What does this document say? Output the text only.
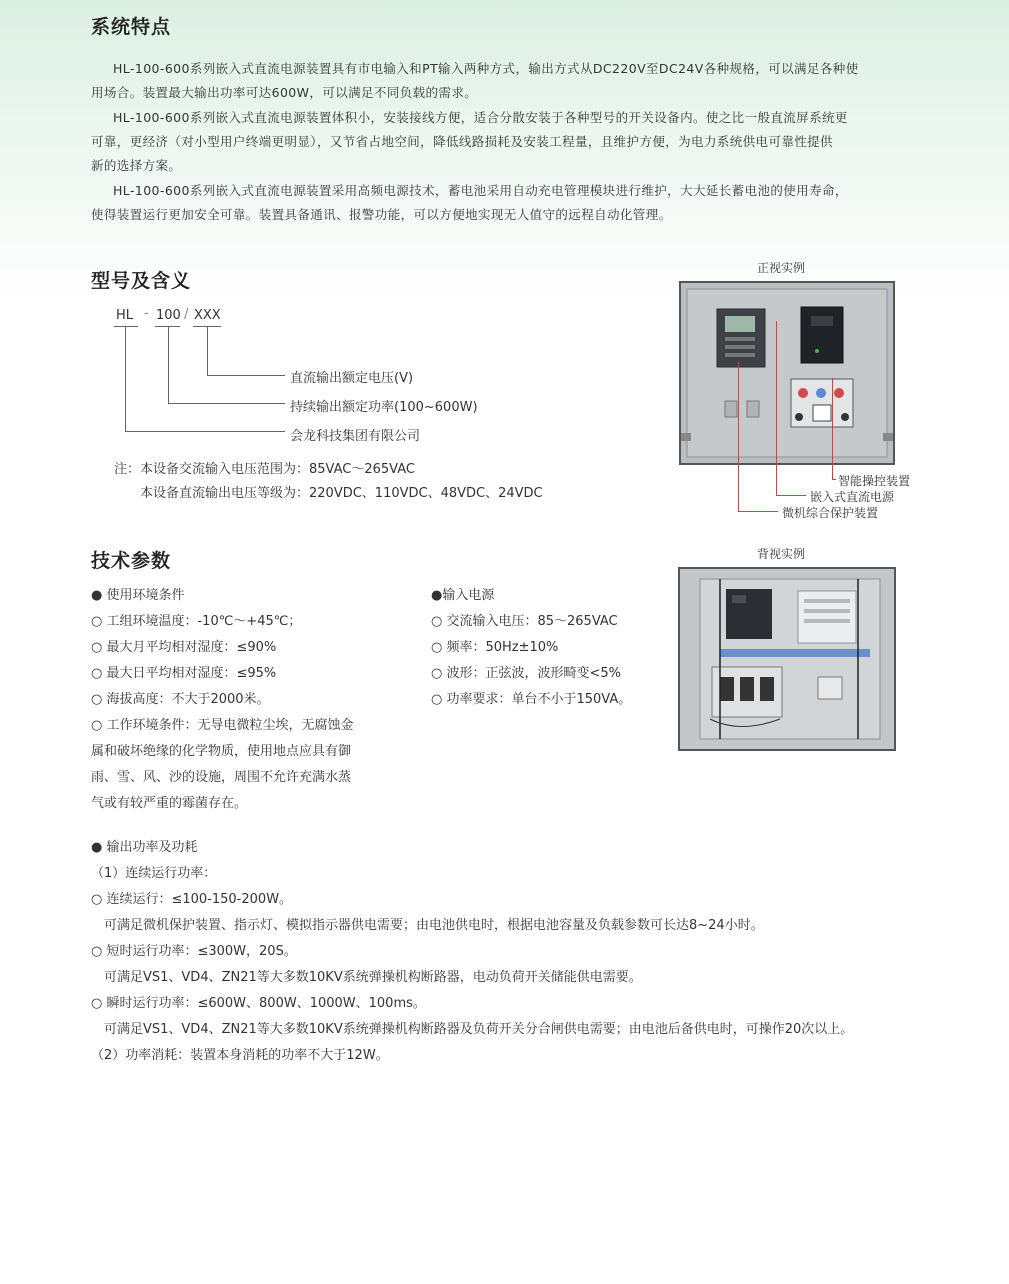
系统特点
HL-100-600系列嵌入式直流电源装置具有市电输入和PT输入两种方式，输出方式从DC220V至DC24V各种规格，可以满足各种使
用场合。装置最大输出功率可达600W，可以满足不同负载的需求。
HL-100-600系列嵌入式直流电源装置体积小，安装接线方便，适合分散安装于各种型号的开关设备内。使之比一般直流屏系统更
可靠，更经济（对小型用户终端更明显），又节省占地空间，降低线路损耗及安装工程量，且维护方便，为电力系统供电可靠性提供
新的选择方案。
HL-100-600系列嵌入式直流电源装置采用高频电源技术，蓄电池采用自动充电管理模块进行维护，大大延长蓄电池的使用寿命，
使得装置运行更加安全可靠。装置具备通讯、报警功能，可以方便地实现无人值守的远程自动化管理。
型号及含义
HL - 100 / XXX
直流输出额定电压(V)
持续输出额定功率(100~600W)
会龙科技集团有限公司
注：本设备交流输入电压范围为：85VAC～265VAC
本设备直流输出电压等级为：220VDC、110VDC、48VDC、24VDC
正视实例
智能操控装置
嵌入式直流电源
微机综合保护装置
背视实例
技术参数
● 使用环境条件
○ 工组环境温度：-10℃～+45℃；
○ 最大月平均相对湿度：≤90%
○ 最大日平均相对湿度：≤95%
○ 海拔高度：不大于2000米。
○ 工作环境条件：无导电微粒尘埃，无腐蚀金
属和破坏绝缘的化学物质，使用地点应具有御
雨、雪、风、沙的设施，周围不允许充满水蒸
气或有较严重的霉菌存在。
●输入电源
○ 交流输入电压：85～265VAC
○ 频率：50Hz±10%
○ 波形：正弦波，波形畸变<5%
○ 功率要求：单台不小于150VA。
● 输出功率及功耗
（1）连续运行功率：
○ 连续运行：≤100-150-200W。
可满足微机保护装置、指示灯、模拟指示器供电需要；由电池供电时，根据电池容量及负载参数可长达8~24小时。
○ 短时运行功率：≤300W，20S。
可满足VS1、VD4、ZN21等大多数10KV系统弹操机构断路器，电动负荷开关储能供电需要。
○ 瞬时运行功率：≤600W、800W、1000W、100ms。
可满足VS1、VD4、ZN21等大多数10KV系统弹操机构断路器及负荷开关分合闸供电需要；由电池后备供电时，可操作20次以上。
（2）功率消耗：装置本身消耗的功率不大于12W。
